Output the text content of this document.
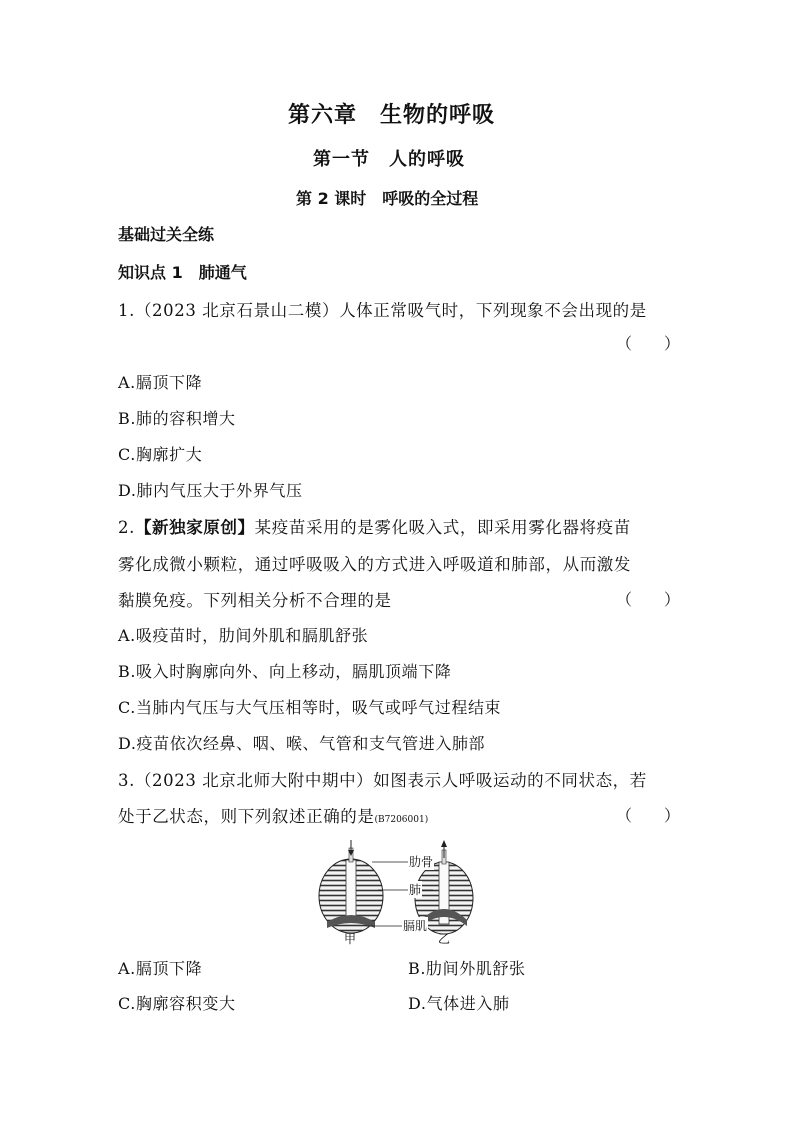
第六章　生物的呼吸
第一节　人的呼吸
第 2 课时　呼吸的全过程
基础过关全练
知识点 1　肺通气
1.（2023 北京石景山二模）人体正常吸气时，下列现象不会出现的是
（　　）
A.膈顶下降
B.肺的容积增大
C.胸廓扩大
D.肺内气压大于外界气压
2.【新独家原创】某疫苗采用的是雾化吸入式，即采用雾化器将疫苗
雾化成微小颗粒，通过呼吸吸入的方式进入呼吸道和肺部，从而激发
黏膜免疫。下列相关分析不合理的是	（　　）
A.吸疫苗时，肋间外肌和膈肌舒张
B.吸入时胸廓向外、向上移动，膈肌顶端下降
C.当肺内气压与大气压相等时，吸气或呼气过程结束
D.疫苗依次经鼻、咽、喉、气管和支气管进入肺部
3.（2023 北京北师大附中期中）如图表示人呼吸运动的不同状态，若
处于乙状态，则下列叙述正确的是(B7206001)	（　　）
肋骨
肺
膈肌
甲	乙
A.膈顶下降	B.肋间外肌舒张
C.胸廓容积变大	D.气体进入肺
